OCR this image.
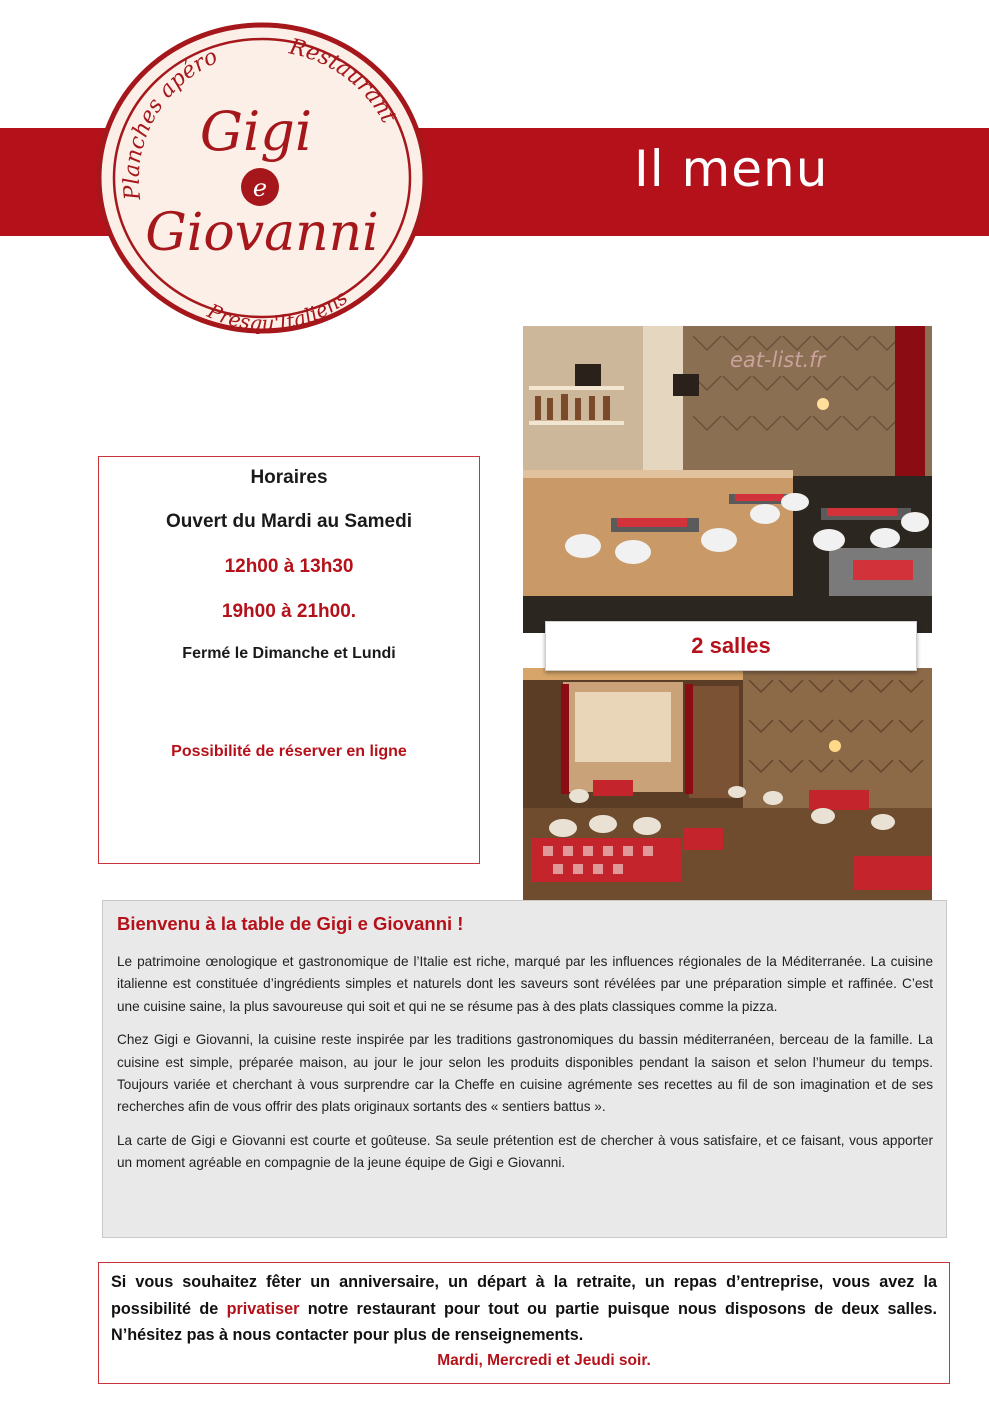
Il menu
Planches apéro	Restaurant
Presqu'Italiens
Gigi
e
Giovanni
Horaires
Ouvert du Mardi au Samedi
12h00 à 13h30
19h00 à 21h00.
Fermé le Dimanche et Lundi
Possibilité de réserver en ligne
eat-list.fr
2 salles
Bienvenu à la table de Gigi e Giovanni !

Le patrimoine œnologique et gastronomique de l’Italie est riche, marqué par les influences régionales de la Méditerranée. La cuisine italienne est constituée d’ingrédients simples et naturels dont les saveurs sont révélées par une préparation simple et raffinée. C’est une cuisine saine, la plus savoureuse qui soit et qui ne se résume pas à des plats classiques comme la pizza.

Chez Gigi e Giovanni, la cuisine reste inspirée par les traditions gastronomiques du bassin méditerranéen, berceau de la famille. La cuisine est simple, préparée maison, au jour le jour selon les produits disponibles pendant la saison et selon l’humeur du temps. Toujours variée et cherchant à vous surprendre car la Cheffe en cuisine agrémente ses recettes au fil de son imagination et de ses recherches afin de vous offrir des plats originaux sortants des « sentiers battus ».

La carte de Gigi e Giovanni est courte et goûteuse. Sa seule prétention est de chercher à vous satisfaire, et ce faisant, vous apporter un moment agréable en compagnie de la jeune équipe de Gigi e Giovanni.

Si vous souhaitez fêter un anniversaire, un départ à la retraite, un repas d’entreprise, vous avez la possibilité de privatiser notre restaurant pour tout ou partie puisque nous disposons de deux salles. N’hésitez pas à nous contacter pour plus de renseignements.

Mardi, Mercredi et Jeudi soir.
